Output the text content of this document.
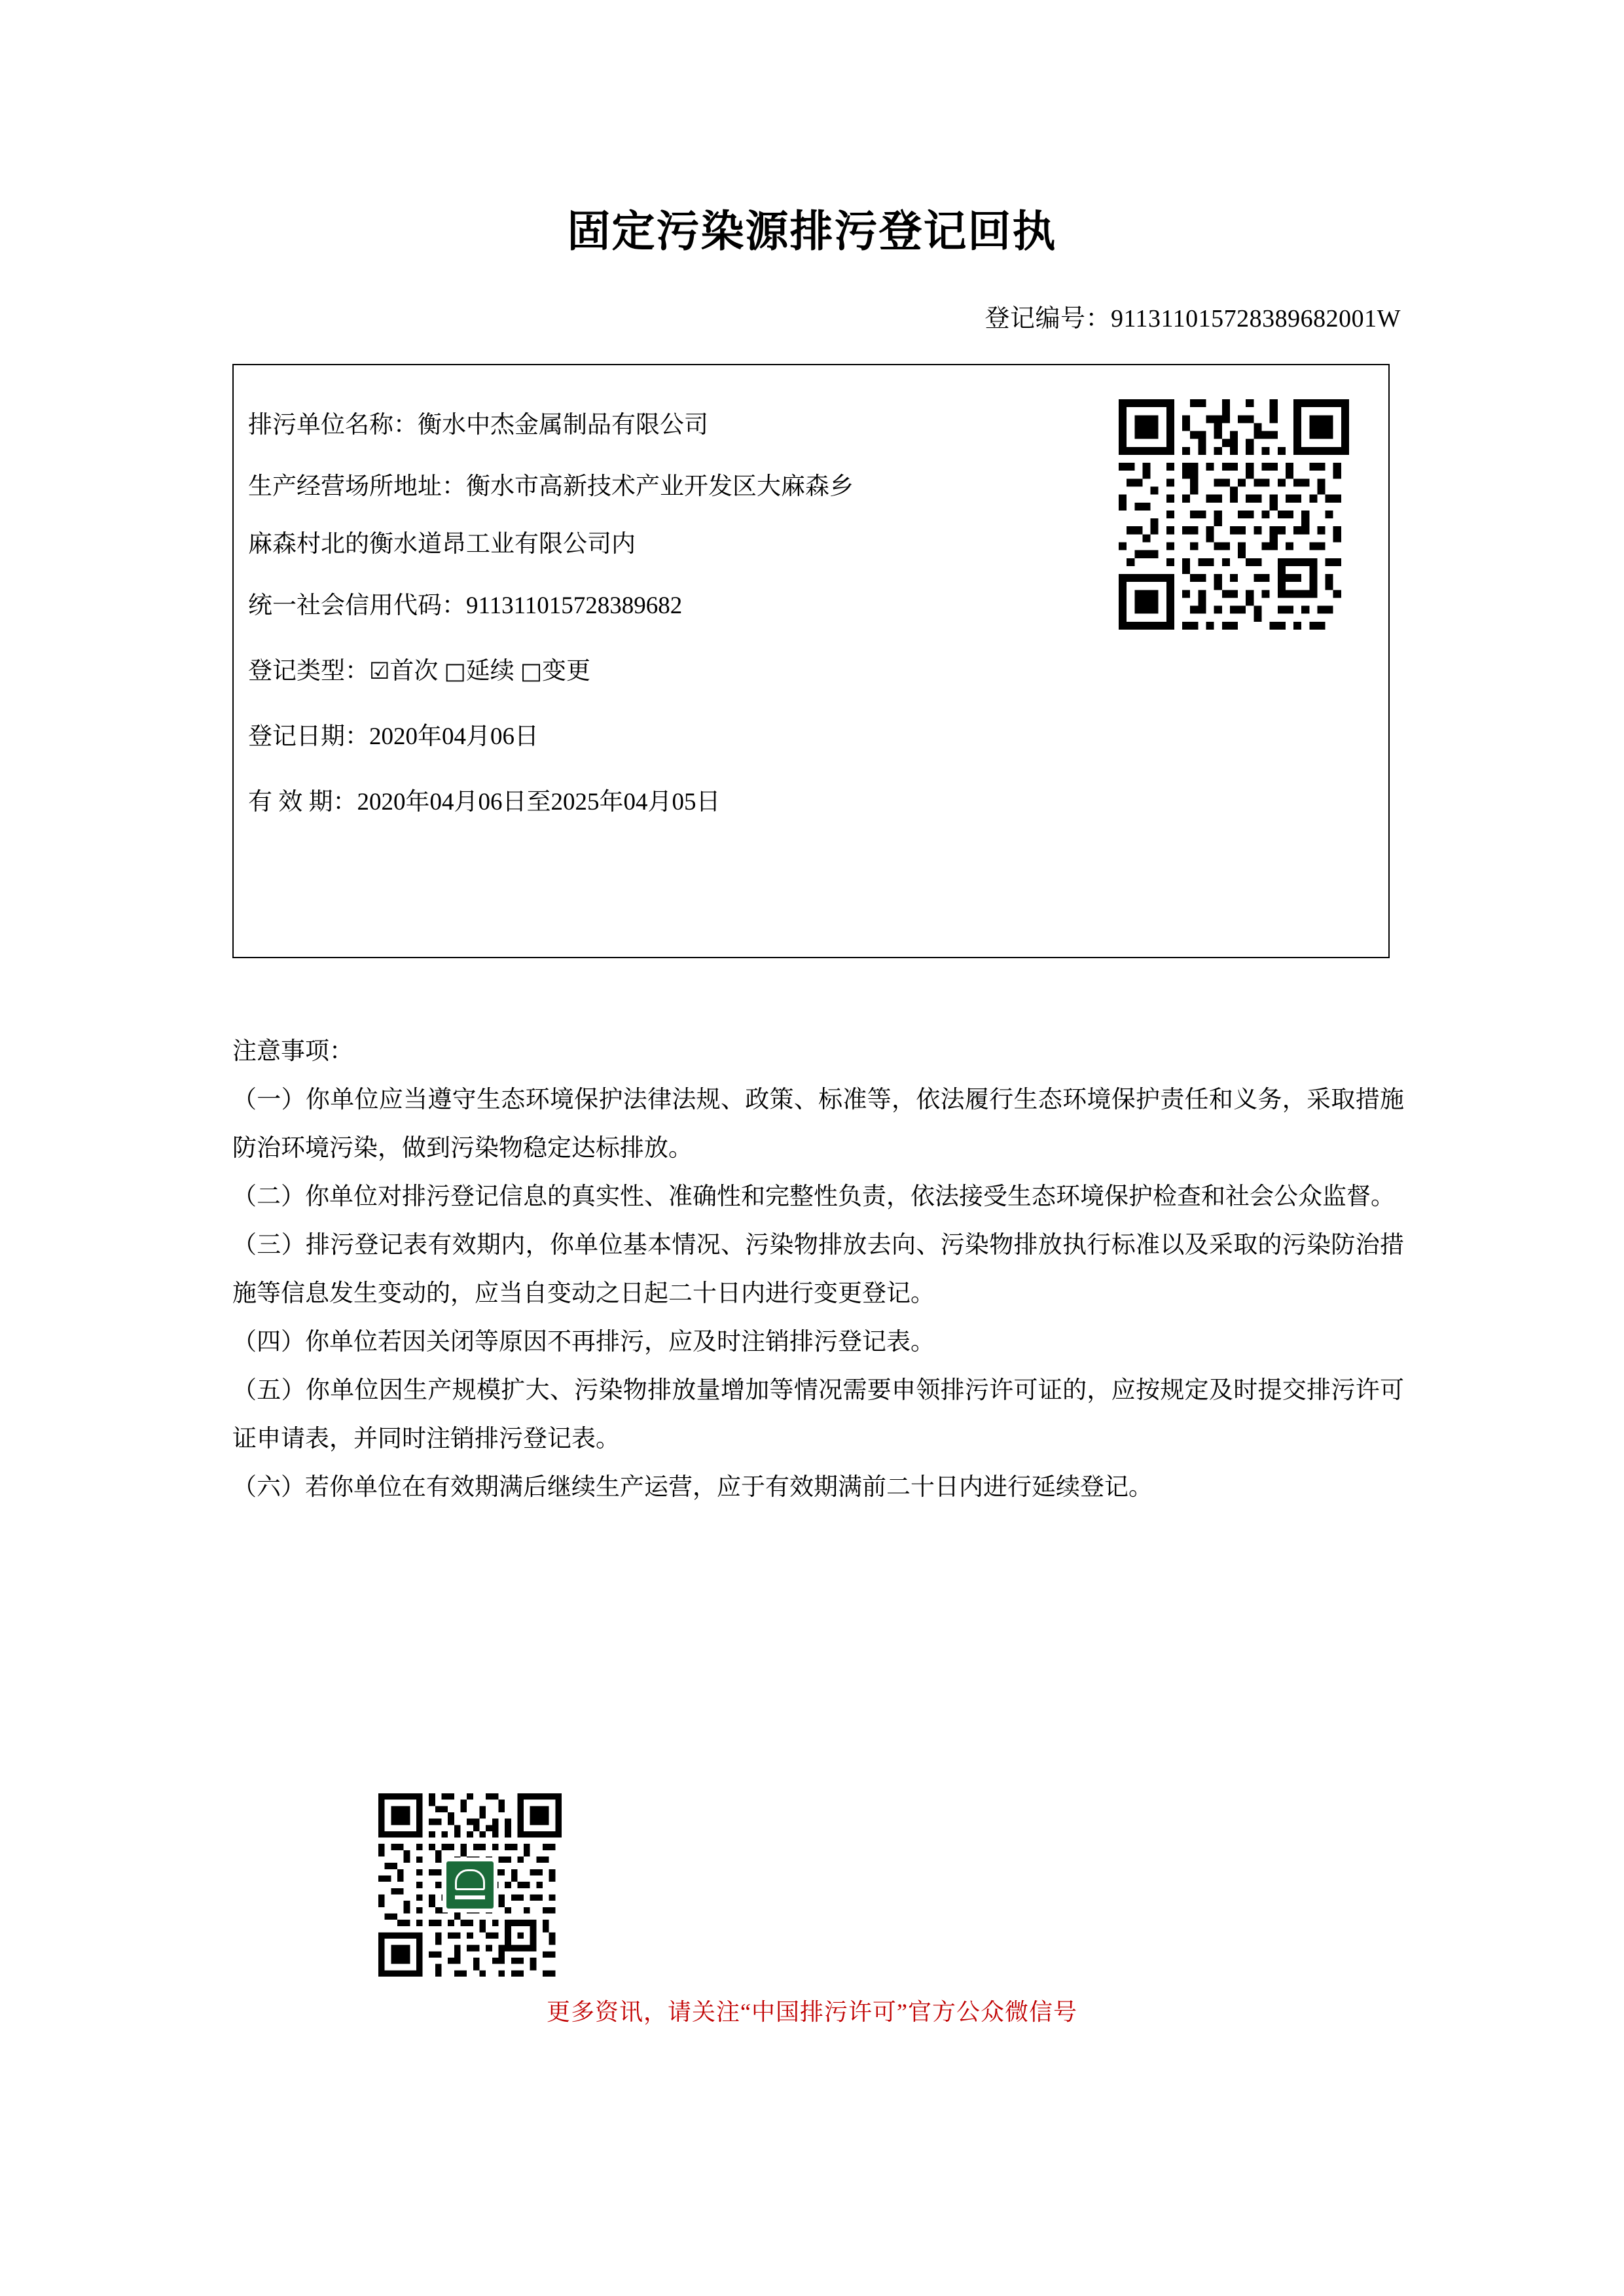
固定污染源排污登记回执
登记编号：911311015728389682001W
排污单位名称：衡水中杰金属制品有限公司
生产经营场所地址：衡水市高新技术产业开发区大麻森乡
麻森村北的衡水道昂工业有限公司内
统一社会信用代码：911311015728389682
登记类型：☑首次 □延续 □变更
登记日期：2020年04月06日
有 效 期：2020年04月06日至2025年04月05日
注意事项：
（一）你单位应当遵守生态环境保护法律法规、政策、标准等，依法履行生态环境保护责任和义务，采取措施防治环境污染，做到污染物稳定达标排放。
（二）你单位对排污登记信息的真实性、准确性和完整性负责，依法接受生态环境保护检查和社会公众监督。
（三）排污登记表有效期内，你单位基本情况、污染物排放去向、污染物排放执行标准以及采取的污染防治措施等信息发生变动的，应当自变动之日起二十日内进行变更登记。
（四）你单位若因关闭等原因不再排污，应及时注销排污登记表。
（五）你单位因生产规模扩大、污染物排放量增加等情况需要申领排污许可证的，应按规定及时提交排污许可证申请表，并同时注销排污登记表。
（六）若你单位在有效期满后继续生产运营，应于有效期满前二十日内进行延续登记。
更多资讯，请关注“中国排污许可”官方公众微信号
